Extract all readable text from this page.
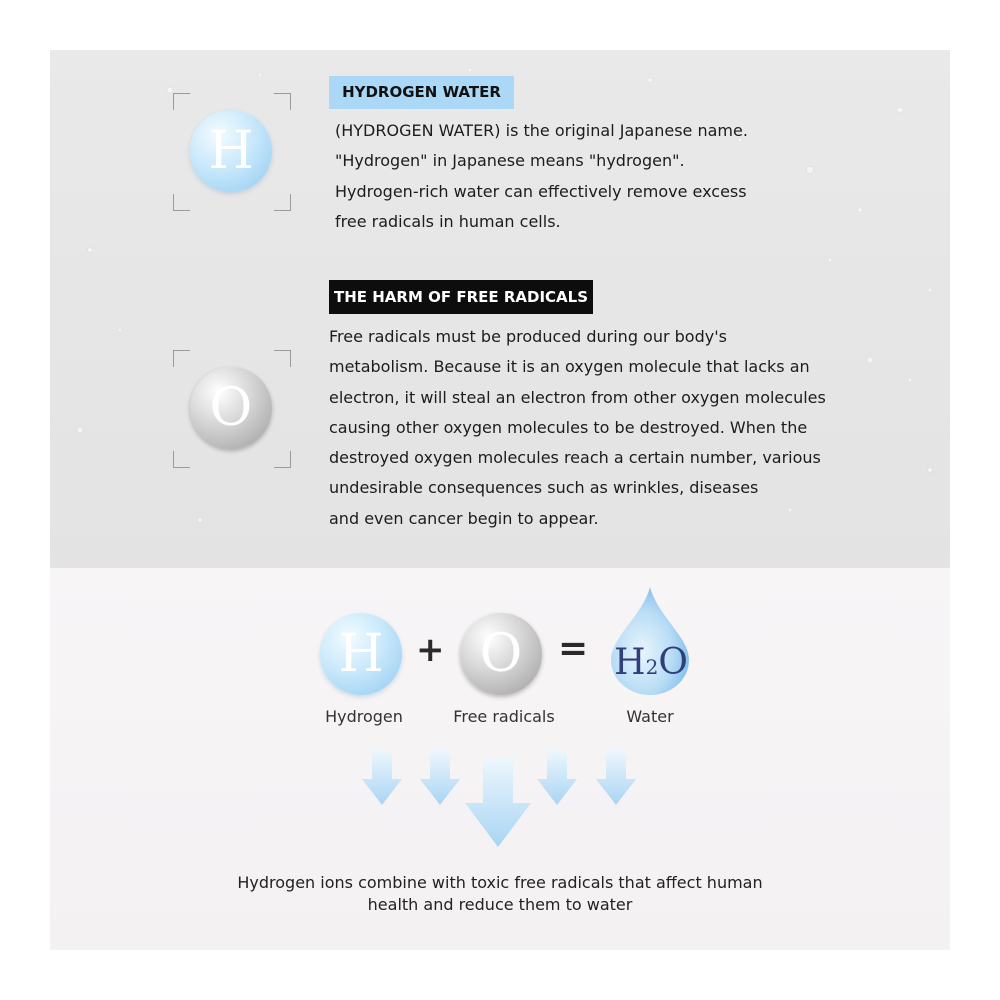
H
O
HYDROGEN WATER
(HYDROGEN WATER) is the original Japanese name.
"Hydrogen" in Japanese means "hydrogen".
Hydrogen-rich water can effectively remove excess
free radicals in human cells.
THE HARM OF FREE RADICALS
Free radicals must be produced during our body's
metabolism. Because it is an oxygen molecule that lacks an
electron, it will steal an electron from other oxygen molecules
causing other oxygen molecules to be destroyed. When the
destroyed oxygen molecules reach a certain number, various
undesirable consequences such as wrinkles, diseases
and even cancer begin to appear.
H + O = H2O
Hydrogen	Free radicals	Water
Hydrogen ions combine with toxic free radicals that affect human
health and reduce them to water
